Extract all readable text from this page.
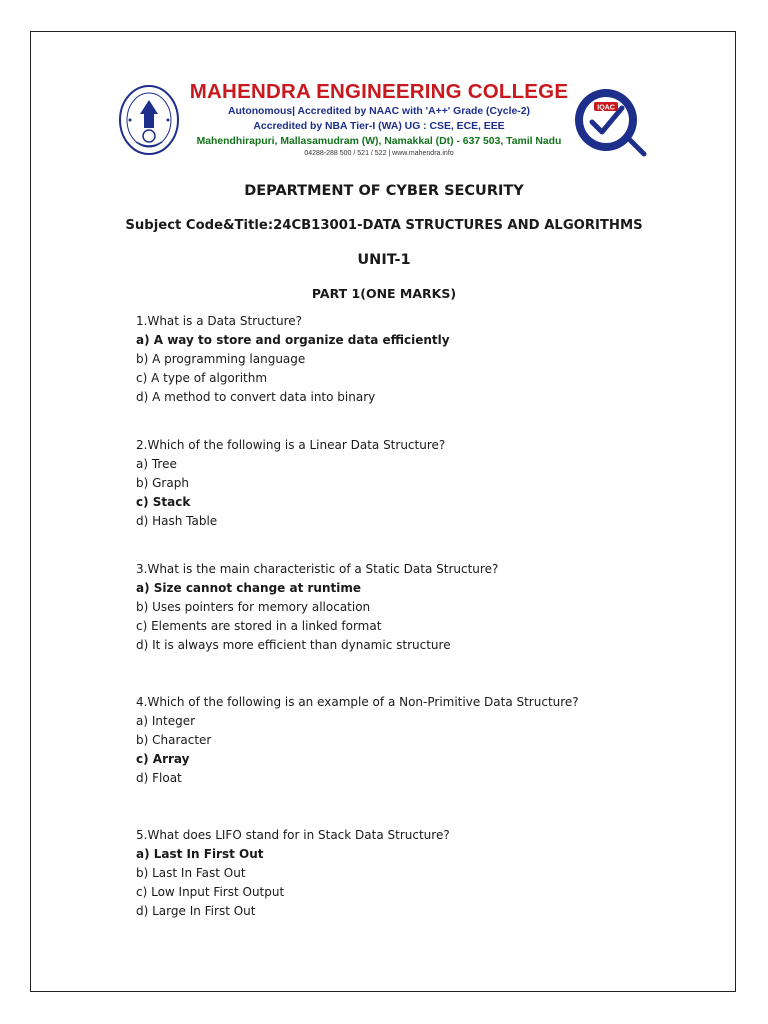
MAHENDRA ENGINEERING COLLEGE
Autonomous| Accredited by NAAC with 'A++' Grade (Cycle-2)
Accredited by NBA Tier-I (WA) UG : CSE, ECE, EEE
Mahendhirapuri, Mallasamudram (W), Namakkal (Dt) - 637 503, Tamil Nadu
04288-288 500 / 521 / 522 | www.mahendra.info
IQAC
DEPARTMENT OF CYBER SECURITY
Subject Code&Title:24CB13001-DATA STRUCTURES AND ALGORITHMS
UNIT-1
PART 1(ONE MARKS)
1.What is a Data Structure?
a) A way to store and organize data efficiently
b) A programming language
c) A type of algorithm
d) A method to convert data into binary
2.Which of the following is a Linear Data Structure?
a) Tree
b) Graph
c) Stack
d) Hash Table
3.What is the main characteristic of a Static Data Structure?
a) Size cannot change at runtime
b) Uses pointers for memory allocation
c) Elements are stored in a linked format
d) It is always more efficient than dynamic structure
4.Which of the following is an example of a Non-Primitive Data Structure?
a) Integer
b) Character
c) Array
d) Float
5.What does LIFO stand for in Stack Data Structure?
a) Last In First Out
b) Last In Fast Out
c) Low Input First Output
d) Large In First Out
